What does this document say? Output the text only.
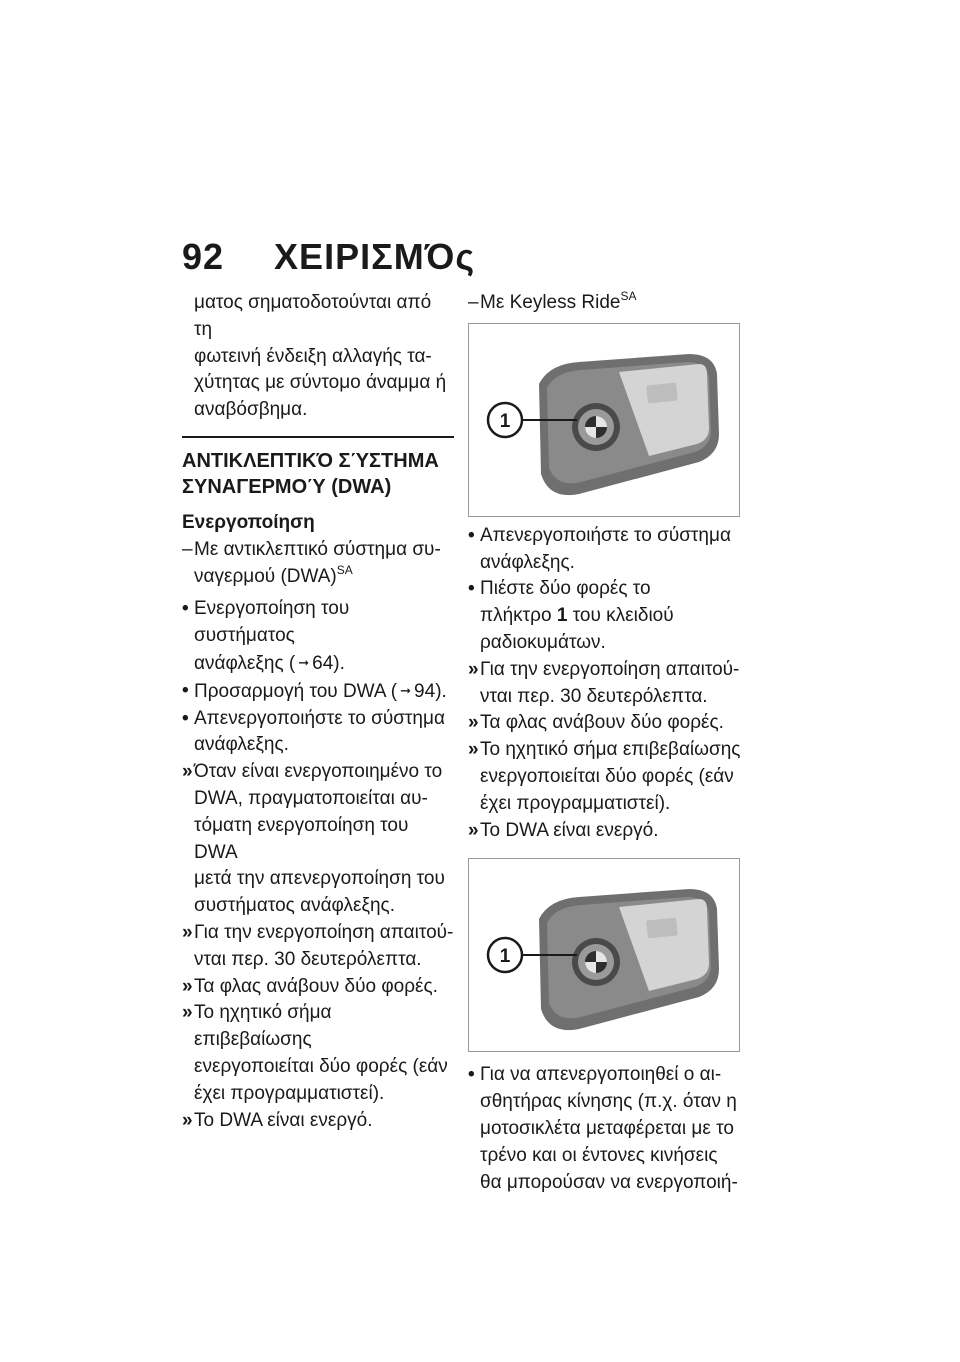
92 ΧΕΙΡΙΣΜΌς
ματος σηματοδοτούνται από τη
φωτεινή ένδειξη αλλαγής τα-
χύτητας με σύντομο άναμμα ή
αναβόσβημα.
ΑΝΤΙΚΛΕΠΤΙΚΌ ΣΎΣΤΗΜΑ
ΣΥΝΑΓΕΡΜΟΎ (DWA)
Ενεργοποίηση
– Με αντικλεπτικό σύστημα συ-
ναγερμού (DWA)$^{SA}$
• Ενεργοποίηση του συστήματος
ανάφλεξης ( ➞ 64).
• Προσαρμογή του DWA ( ➞ 94).
• Απενεργοποιήστε το σύστημα
ανάφλεξης.
» Όταν είναι ενεργοποιημένο το
DWA, πραγματοποιείται αυ-
τόματη ενεργοποίηση του DWA
μετά την απενεργοποίηση του
συστήματος ανάφλεξης.
» Για την ενεργοποίηση απαιτού-
νται περ. 30 δευτερόλεπτα.
» Τα φλας ανάβουν δύο φορές.
» Το ηχητικό σήμα επιβεβαίωσης
ενεργοποιείται δύο φορές (εάν
έχει προγραμματιστεί).
» Το DWA είναι ενεργό.
– Με Keyless Ride$^{SA}$
1
• Απενεργοποιήστε το σύστημα
ανάφλεξης.
• Πιέστε δύο φορές το
πλήκτρο 1 του κλειδιού
ραδιοκυμάτων.
» Για την ενεργοποίηση απαιτού-
νται περ. 30 δευτερόλεπτα.
» Τα φλας ανάβουν δύο φορές.
» Το ηχητικό σήμα επιβεβαίωσης
ενεργοποιείται δύο φορές (εάν
έχει προγραμματιστεί).
» Το DWA είναι ενεργό.
1
• Για να απενεργοποιηθεί ο αι-
σθητήρας κίνησης (π.χ. όταν η
μοτοσικλέτα μεταφέρεται με το
τρένο και οι έντονες κινήσεις
θα μπορούσαν να ενεργοποιή-
